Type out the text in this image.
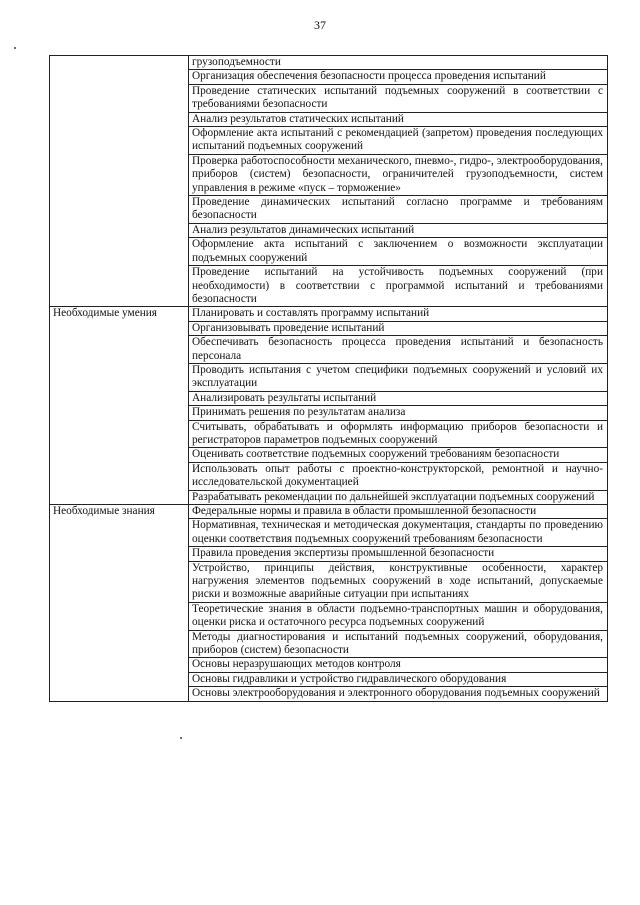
37
	грузоподъемности
	Организация обеспечения безопасности процесса проведения испытаний
	Проведение статических испытаний подъемных сооружений в соответствии с требованиями безопасности
	Анализ результатов статических испытаний
	Оформление акта испытаний с рекомендацией (запретом) проведения последующих испытаний подъемных сооружений
	Проверка работоспособности механического, пневмо-, гидро-, электрооборудования, приборов (систем) безопасности, ограничителей грузоподъемности, систем управления в режиме «пуск – торможение»
	Проведение динамических испытаний согласно программе и требованиям безопасности
	Анализ результатов динамических испытаний
	Оформление акта испытаний с заключением о возможности эксплуатации подъемных сооружений
	Проведение испытаний на устойчивость подъемных сооружений (при необходимости) в соответствии с программой испытаний и требованиями безопасности
Необходимые умения	Планировать и составлять программу испытаний
	Организовывать проведение испытаний
	Обеспечивать безопасность процесса проведения испытаний и безопасность персонала
	Проводить испытания с учетом специфики подъемных сооружений и условий их эксплуатации
	Анализировать результаты испытаний
	Принимать решения по результатам анализа
	Считывать, обрабатывать и оформлять информацию приборов безопасности и регистраторов параметров подъемных сооружений
	Оценивать соответствие подъемных сооружений требованиям безопасности
	Использовать опыт работы с проектно-конструкторской, ремонтной и научно-исследовательской документацией
	Разрабатывать рекомендации по дальнейшей эксплуатации подъемных сооружений
Необходимые знания	Федеральные нормы и правила в области промышленной безопасности
	Нормативная, техническая и методическая документация, стандарты по проведению оценки соответствия подъемных сооружений требованиям безопасности
	Правила проведения экспертизы промышленной безопасности
	Устройство, принципы действия, конструктивные особенности, характер нагружения элементов подъемных сооружений в ходе испытаний, допускаемые риски и возможные аварийные ситуации при испытаниях
	Теоретические знания в области подъемно-транспортных машин и оборудования, оценки риска и остаточного ресурса подъемных сооружений
	Методы диагностирования и испытаний подъемных сооружений, оборудования, приборов (систем) безопасности
	Основы неразрушающих методов контроля
	Основы гидравлики и устройство гидравлического оборудования
	Основы электрооборудования и электронного оборудования подъемных сооружений
